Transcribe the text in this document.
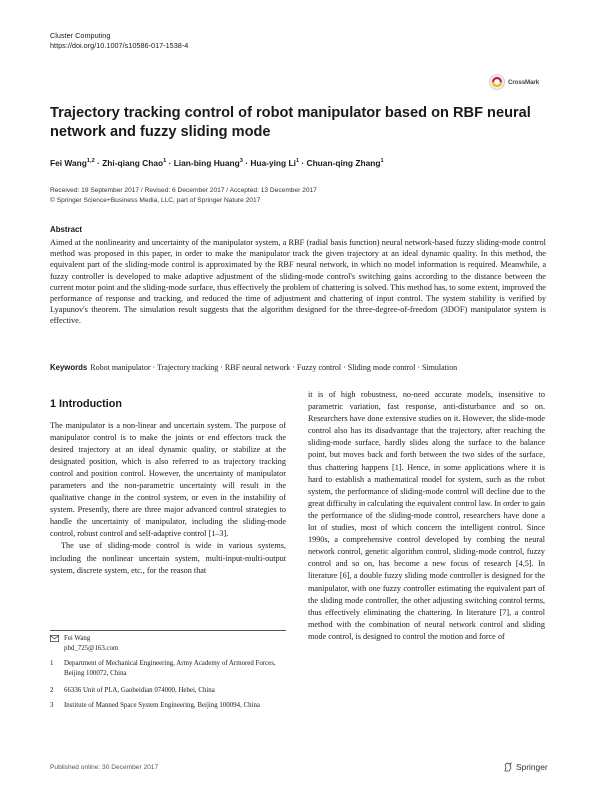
Cluster Computing
https://doi.org/10.1007/s10586-017-1538-4
CrossMark
Trajectory tracking control of robot manipulator based on RBF neural network and fuzzy sliding mode
Fei Wang$^{1,2}$ · Zhi-qiang Chao$^1$ · Lian-bing Huang$^3$ · Hua-ying $Li^1$ · Chuan-qing Zhang$^1$
Received: 19 September 2017 / Revised: 6 December 2017 / Accepted: 13 December 2017
© Springer Science+Business Media, LLC, part of Springer Nature 2017
Abstract
Aimed at the nonlinearity and uncertainty of the manipulator system, a RBF (radial basis function) neural network-based fuzzy sliding-mode control method was proposed in this paper, in order to make the manipulator track the given trajectory at an ideal dynamic quality. In this method, the equivalent part of the sliding-mode control is approximated by the RBF neural network, in which no model information is required. Meanwhile, a fuzzy controller is developed to make adaptive adjustment of the sliding-mode control's switching gains according to the distance between the current motor point and the sliding-mode surface, thus effectively the problem of chattering is solved. This method has, to some extent, improved the performance of response and tracking, and reduced the time of adjustment and chattering of input control. The system stability is verified by Lyapunov's theorem. The simulation result suggests that the algorithm designed for the three-degree-of-freedom (3DOF) manipulator system is effective.
Keywords Robot manipulator · Trajectory tracking · RBF neural network · Fuzzy control · Sliding mode control · Simulation
1 Introduction

The manipulator is a non-linear and uncertain system. The purpose of manipulator control is to make the joints or end effectors track the desired trajectory at an ideal dynamic quality, or stabilize at the designated position, which is also referred to as trajectory tracking control and position control. However, the uncertainty of manipulator parameters and the non-parametric uncertainty will result in the qualitative change in the control system, or even in the instability of system. Presently, there are three major advanced control strategies to handle the uncertainty of manipulator, including the sliding-mode control, robust control and self-adaptive control [1–3].

The use of sliding-mode control is wide in various systems, including the nonlinear uncertain system, multi-input-multi-output system, discrete system, etc., for the reason that

it is of high robustness, no-need accurate models, insensitive to parametric variation, fast response, anti-disturbance and so on. Researchers have done extensive studies on it. However, the slide-mode control also has its disadvantage that the trajectory, after reaching the sliding-mode surface, hardly slides along the surface to the balance point, but moves back and forth between the two sides of the surface, thus chattering happens [1]. Hence, in some applications where it is hard to establish a mathematical model for system, such as the robot system, the performance of sliding-mode control will decline due to the great difficulty in calculating the equivalent control law. In order to gain the performance of the sliding-mode control, researchers have done a lot of studies, most of which concern the intelligent control. Since 1990s, a comprehensive control developed by combing the neural network control, genetic algorithm control, sliding-mode control, fuzzy control and so on, has become a new focus of research [4,5]. In literature [6], a double fuzzy sliding mode controller is designed for the manipulator, with one fuzzy controller estimating the equivalent part of the sliding mode controller, the other adjusting switching control terms, thus effectively eliminating the chattering. In literature [7], a control method with the combination of neural network control and sliding mode control, is designed to control the motion and force of

Fei Wang
pbd_725@163.com
1 Department of Mechanical Engineering, Army Academy of Armored Forces, Beijing 100072, China
2 66336 Unit of PLA, Gaobeidian 074000, Hebei, China
3 Institute of Manned Space System Engineering, Beijing 100094, China
Published online: 30 December 2017	Springer
